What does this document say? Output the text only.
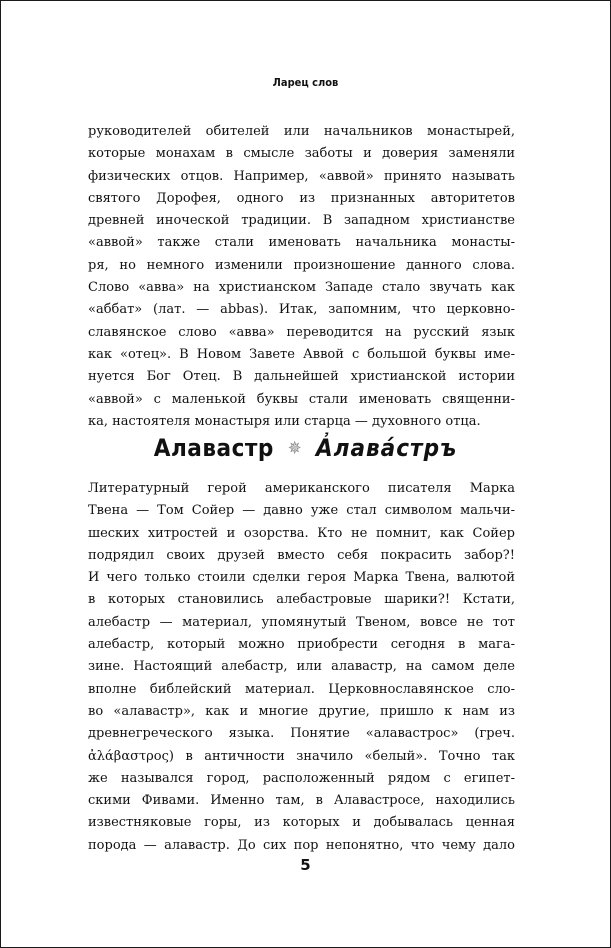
Ларец слов
руководителей обителей или начальников монастырей,
которые монахам в смысле заботы и доверия заменяли
физических отцов. Например, «аввой» принято называть
святого Дорофея, одного из признанных авторитетов
древней иноческой традиции. В западном христианстве
«аввой» также стали именовать начальника монасты-
ря, но немного изменили произношение данного слова.
Слово «авва» на христианском Западе стало звучать как
«аббат» (лат. — abbas). Итак, запомним, что церковно-
славянское слово «авва» переводится на русский язык
как «отец». В Новом Завете Аввой с большой буквы име-
нуется Бог Отец. В дальнейшей христианской истории
«аввой» с маленькой буквы стали именовать священни-
ка, настоятеля монастыря или старца — духовного отца.
Алавастр ✵ А҆лавáстръ
Литературный герой американского писателя Марка
Твена — Том Сойер — давно уже стал символом мальчи-
шеских хитростей и озорства. Кто не помнит, как Сойер
подрядил своих друзей вместо себя покрасить забор?!
И чего только стоили сделки героя Марка Твена, валютой
в которых становились алебастровые шарики?! Кстати,
алебастр — материал, упомянутый Твеном, вовсе не тот
алебастр, который можно приобрести сегодня в мага-
зине. Настоящий алебастр, или алавастр, на самом деле
вполне библейский материал. Церковнославянское сло-
во «алавастр», как и многие другие, пришло к нам из
древнегреческого языка. Понятие «алавастрос» (греч.
ἀλάβαστρος) в античности значило «белый». Точно так
же назывался город, расположенный рядом с египет-
скими Фивами. Именно там, в Алавастросе, находились
известняковые горы, из которых и добывалась ценная
порода — алавастр. До сих пор непонятно, что чему дало
5
